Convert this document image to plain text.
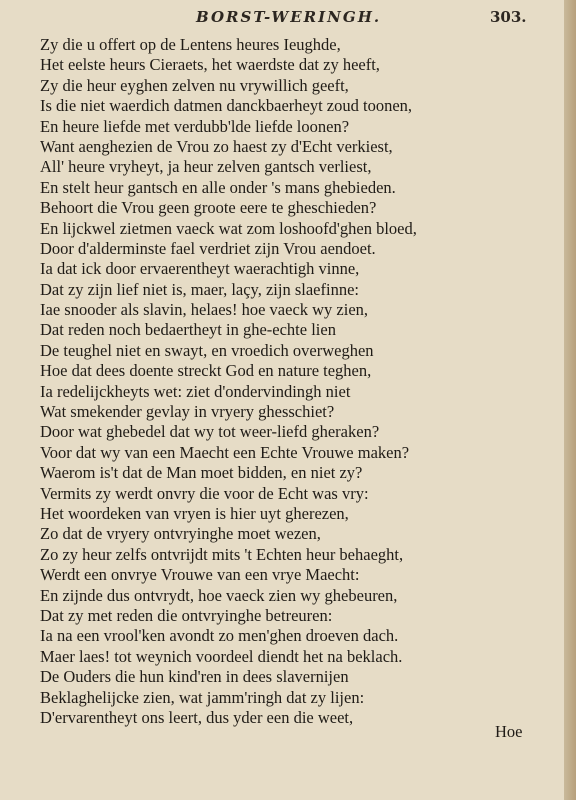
BORST-WERINGH.	303.
Zy die u offert op de Lentens heures Ieughde,
Het eelste heurs Cieraets, het waerdste dat zy heeft,
Zy die heur eyghen zelven nu vrywillich geeft,
Is die niet waerdich datmen danckbaerheyt zoud toonen,
En heure liefde met verdubb'lde liefde loonen?
Want aenghezien de Vrou zo haest zy d'Echt verkiest,
All' heure vryheyt, ja heur zelven gantsch verliest,
En stelt heur gantsch en alle onder 's mans ghebieden.
Behoort die Vrou geen groote eere te gheschieden?
En lijckwel zietmen vaeck wat zom loshoofd'ghen bloed,
Door d'alderminste fael verdriet zijn Vrou aendoet.
Ia dat ick door ervaerentheyt waerachtigh vinne,
Dat zy zijn lief niet is, maer, laçy, zijn slaefinne:
Iae snooder als slavin, helaes! hoe vaeck wy zien,
Dat reden noch bedaertheyt in ghe-echte lien
De teughel niet en swayt, en vroedich overweghen
Hoe dat dees doente streckt God en nature teghen,
Ia redelijckheyts wet: ziet d'ondervindingh niet
Wat smekender gevlay in vryery ghesschiet?
Door wat ghebedel dat wy tot weer-liefd gheraken?
Voor dat wy van een Maecht een Echte Vrouwe maken?
Waerom is't dat de Man moet bidden, en niet zy?
Vermits zy werdt onvry die voor de Echt was vry:
Het woordeken van vryen is hier uyt gherezen,
Zo dat de vryery ontvryinghe moet wezen,
Zo zy heur zelfs ontvrijdt mits 't Echten heur behaeght,
Werdt een onvrye Vrouwe van een vrye Maecht:
En zijnde dus ontvrydt, hoe vaeck zien wy ghebeuren,
Dat zy met reden die ontvryinghe betreuren:
Ia na een vrool'ken avondt zo men'ghen droeven dach.
Maer laes! tot weynich voordeel diendt het na beklach.
De Ouders die hun kind'ren in dees slavernijen
Beklaghelijcke zien, wat jamm'ringh dat zy lijen:
D'ervarentheyt ons leert, dus yder een die weet,
Hoe
